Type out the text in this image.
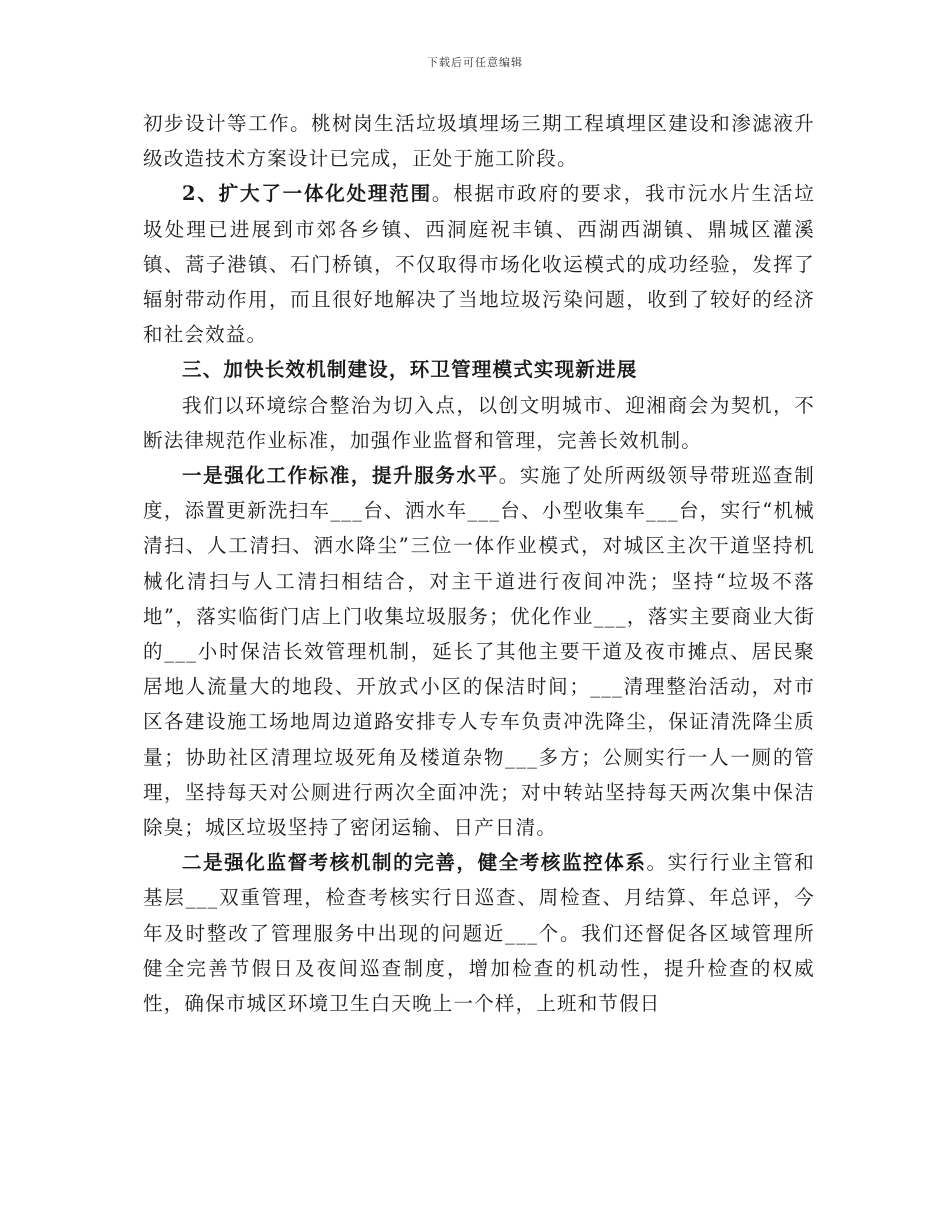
下载后可任意编辑

初步设计等工作。桃树岗生活垃圾填埋场三期工程填埋区建设和渗滤液升级改造技术方案设计已完成，正处于施工阶段。

2、扩大了一体化处理范围。根据市政府的要求，我市沅水片生活垃圾处理已进展到市郊各乡镇、西洞庭祝丰镇、西湖西湖镇、鼎城区灌溪镇、蒿子港镇、石门桥镇，不仅取得市场化收运模式的成功经验，发挥了辐射带动作用，而且很好地解决了当地垃圾污染问题，收到了较好的经济和社会效益。

三、加快长效机制建设，环卫管理模式实现新进展

我们以环境综合整治为切入点，以创文明城市、迎湘商会为契机，不断法律规范作业标准，加强作业监督和管理，完善长效机制。

一是强化工作标准，提升服务水平。实施了处所两级领导带班巡查制度，添置更新洗扫车___台、洒水车___台、小型收集车___台，实行“机械清扫、人工清扫、洒水降尘”三位一体作业模式，对城区主次干道坚持机械化清扫与人工清扫相结合，对主干道进行夜间冲洗；坚持“垃圾不落地”，落实临街门店上门收集垃圾服务；优化作业___，落实主要商业大街的___小时保洁长效管理机制，延长了其他主要干道及夜市摊点、居民聚居地人流量大的地段、开放式小区的保洁时间；___清理整治活动，对市区各建设施工场地周边道路安排专人专车负责冲洗降尘，保证清洗降尘质量；协助社区清理垃圾死角及楼道杂物___多方；公厕实行一人一厕的管理，坚持每天对公厕进行两次全面冲洗；对中转站坚持每天两次集中保洁除臭；城区垃圾坚持了密闭运输、日产日清。

二是强化监督考核机制的完善，健全考核监控体系。实行行业主管和基层___双重管理，检查考核实行日巡查、周检查、月结算、年总评，今年及时整改了管理服务中出现的问题近___个。我们还督促各区域管理所健全完善节假日及夜间巡查制度，增加检查的机动性，提升检查的权威性，确保市城区环境卫生白天晚上一个样，上班和节假日
